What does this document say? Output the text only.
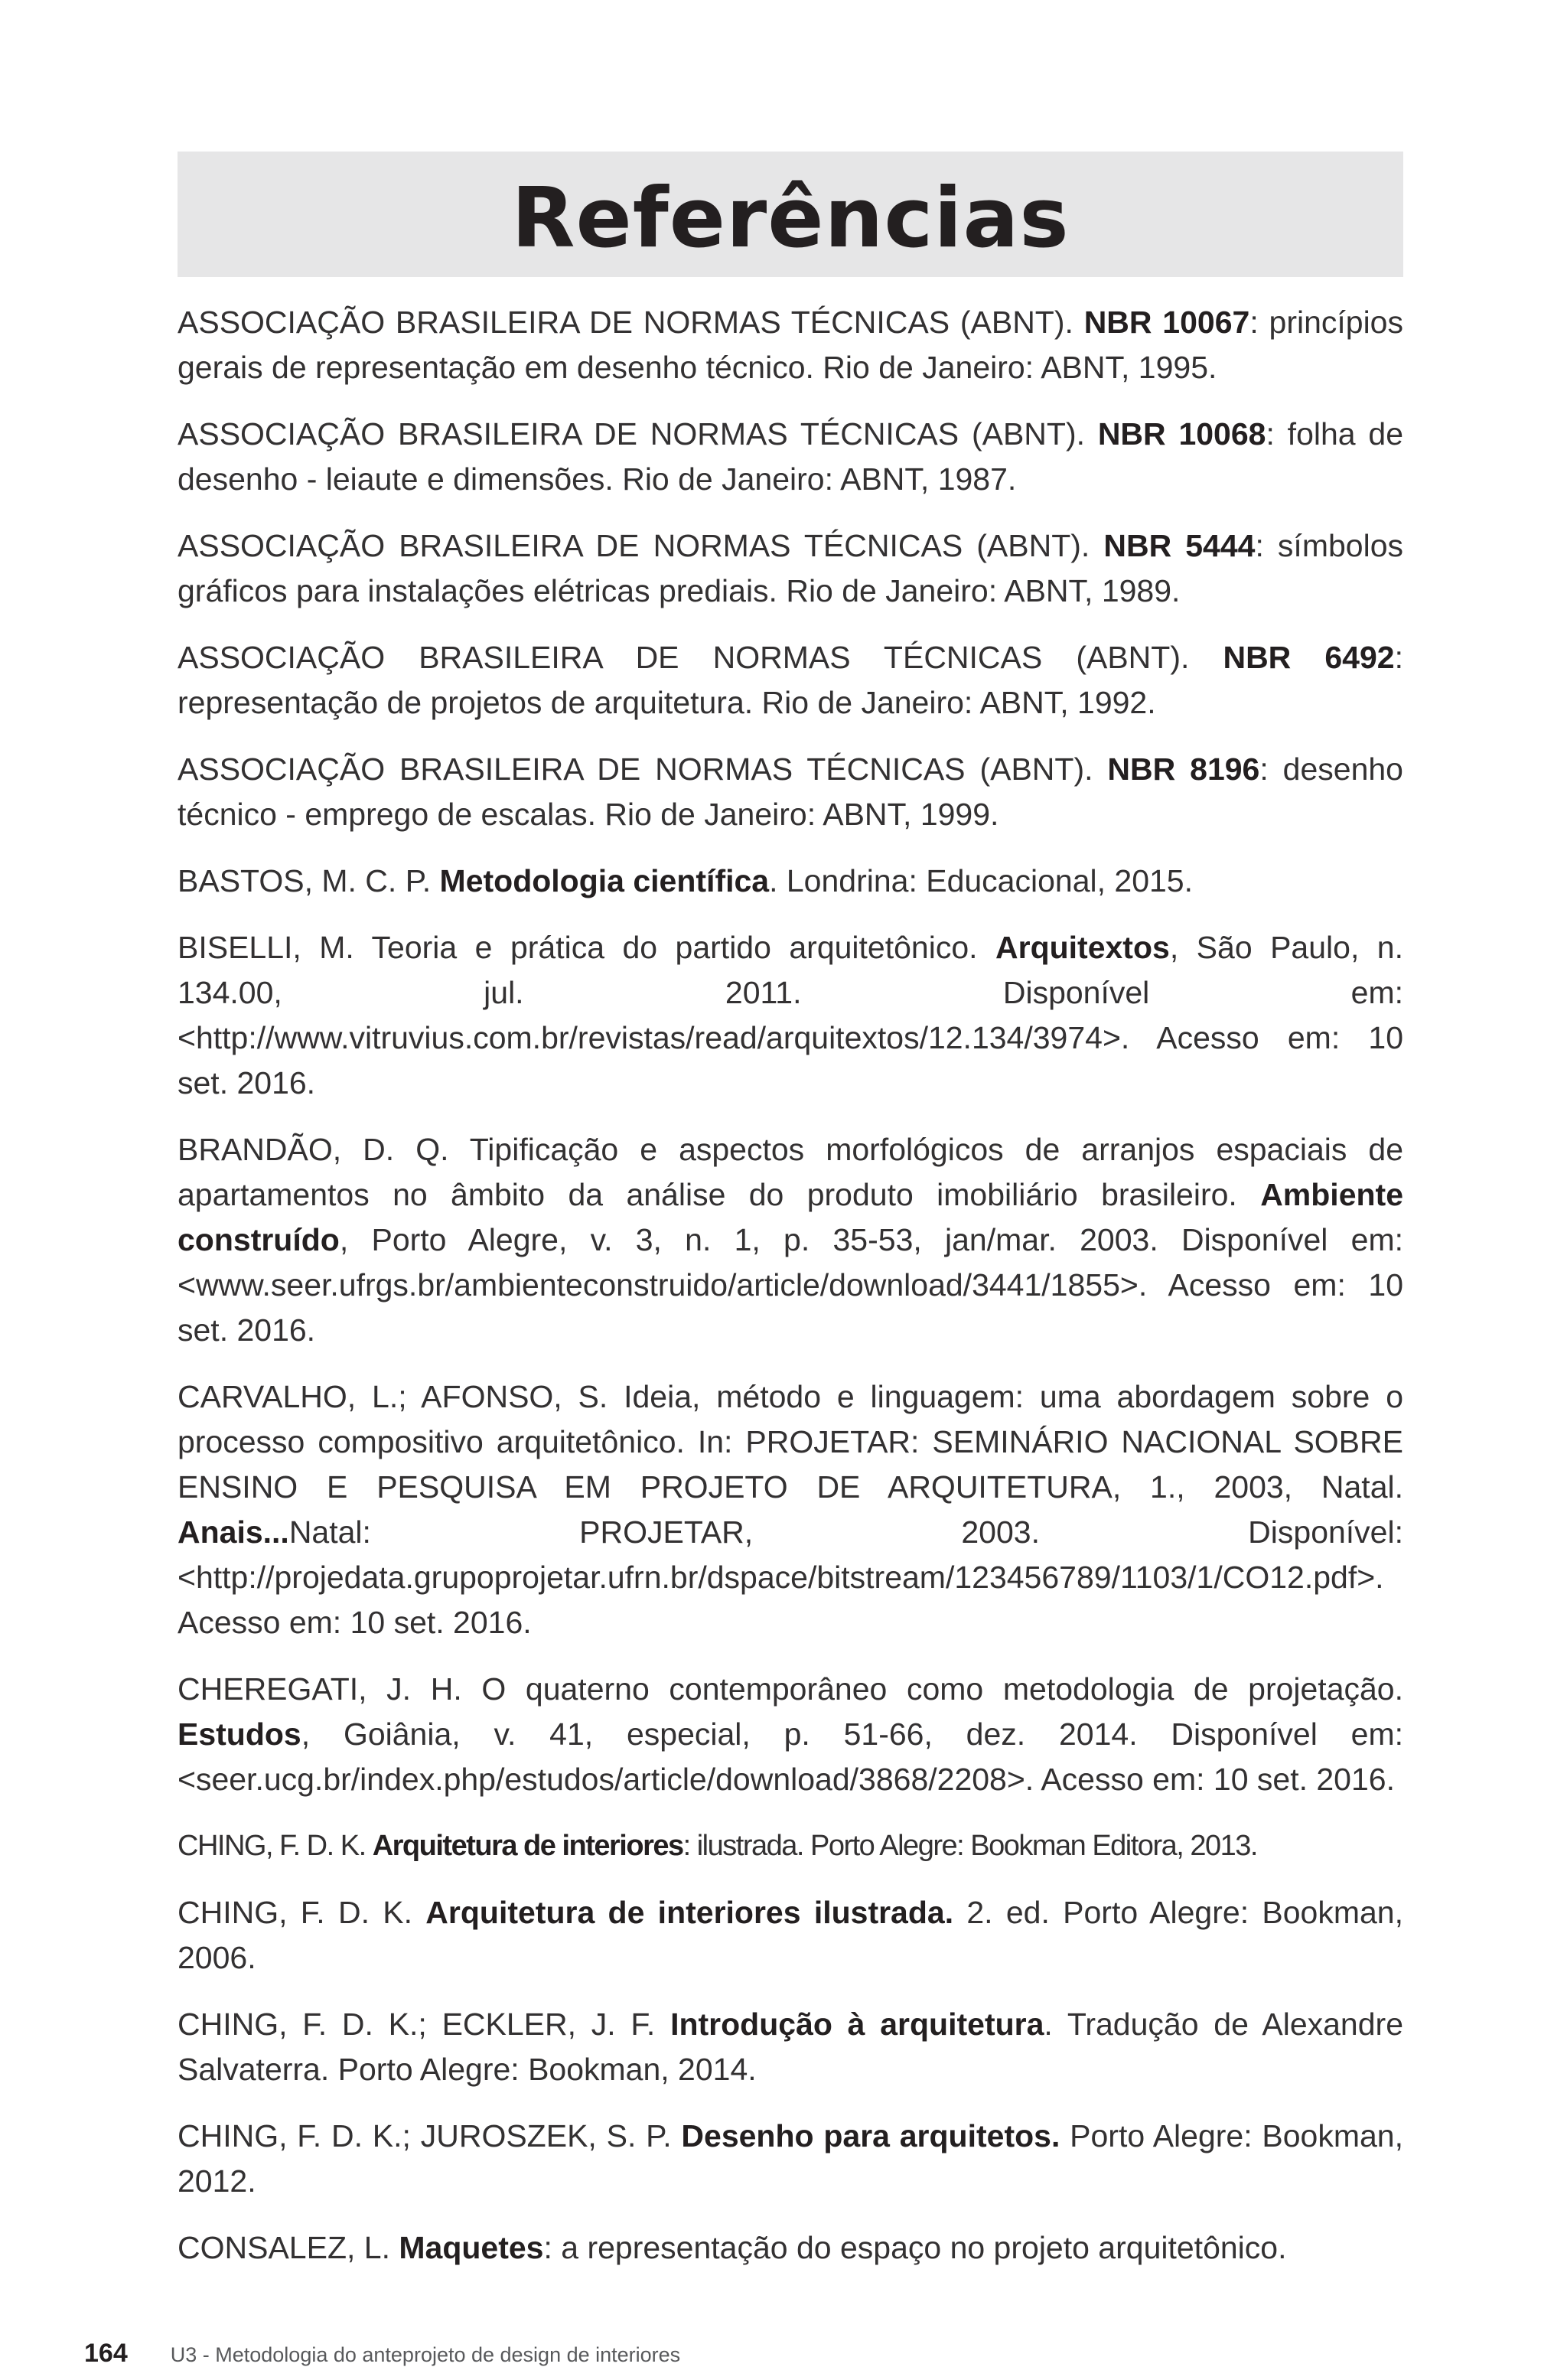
Referências

ASSOCIAÇÃO BRASILEIRA DE NORMAS TÉCNICAS (ABNT). NBR 10067: princípios gerais de representação em desenho técnico. Rio de Janeiro: ABNT, 1995.

ASSOCIAÇÃO BRASILEIRA DE NORMAS TÉCNICAS (ABNT). NBR 10068: folha de desenho - leiaute e dimensões. Rio de Janeiro: ABNT, 1987.

ASSOCIAÇÃO BRASILEIRA DE NORMAS TÉCNICAS (ABNT). NBR 5444: símbolos gráficos para instalações elétricas prediais. Rio de Janeiro: ABNT, 1989.

ASSOCIAÇÃO BRASILEIRA DE NORMAS TÉCNICAS (ABNT). NBR 6492: representação de projetos de arquitetura. Rio de Janeiro: ABNT, 1992.

ASSOCIAÇÃO BRASILEIRA DE NORMAS TÉCNICAS (ABNT). NBR 8196: desenho técnico - emprego de escalas. Rio de Janeiro: ABNT, 1999.

BASTOS, M. C. P. Metodologia científica. Londrina: Educacional, 2015.

BISELLI, M. Teoria e prática do partido arquitetônico. Arquitextos, São Paulo, n. 134.00, jul. 2011. Disponível em: <http://www.vitruvius.com.br/revistas/read/arquitextos/12.134/3974>. Acesso em: 10 set. 2016.

BRANDÃO, D. Q. Tipificação e aspectos morfológicos de arranjos espaciais de apartamentos no âmbito da análise do produto imobiliário brasileiro. Ambiente construído, Porto Alegre, v. 3, n. 1, p. 35-53, jan/mar. 2003. Disponível em: <www.seer.ufrgs.br/ambienteconstruido/article/download/3441/1855>. Acesso em: 10 set. 2016.

CARVALHO, L.; AFONSO, S. Ideia, método e linguagem: uma abordagem sobre o processo compositivo arquitetônico. In: PROJETAR: SEMINÁRIO NACIONAL SOBRE ENSINO E PESQUISA EM PROJETO DE ARQUITETURA, 1., 2003, Natal. Anais...Natal: PROJETAR, 2003. Disponível: <http://projedata.grupoprojetar.ufrn.br/dspace/bitstream/123456789/1103/1/CO12.pdf>. Acesso em: 10 set. 2016.

CHEREGATI, J. H. O quaterno contemporâneo como metodologia de projetação. Estudos, Goiânia, v. 41, especial, p. 51-66, dez. 2014. Disponível em: <seer.ucg.br/index.php/estudos/article/download/3868/2208>. Acesso em: 10 set. 2016.

CHING, F. D. K. Arquitetura de interiores: ilustrada. Porto Alegre: Bookman Editora, 2013.

CHING, F. D. K. Arquitetura de interiores ilustrada. 2. ed. Porto Alegre: Bookman, 2006.

CHING, F. D. K.; ECKLER, J. F. Introdução à arquitetura. Tradução de Alexandre Salvaterra. Porto Alegre: Bookman, 2014.

CHING, F. D. K.; JUROSZEK, S. P. Desenho para arquitetos. Porto Alegre: Bookman, 2012.

CONSALEZ, L. Maquetes: a representação do espaço no projeto arquitetônico.

164 U3 - Metodologia do anteprojeto de design de interiores
